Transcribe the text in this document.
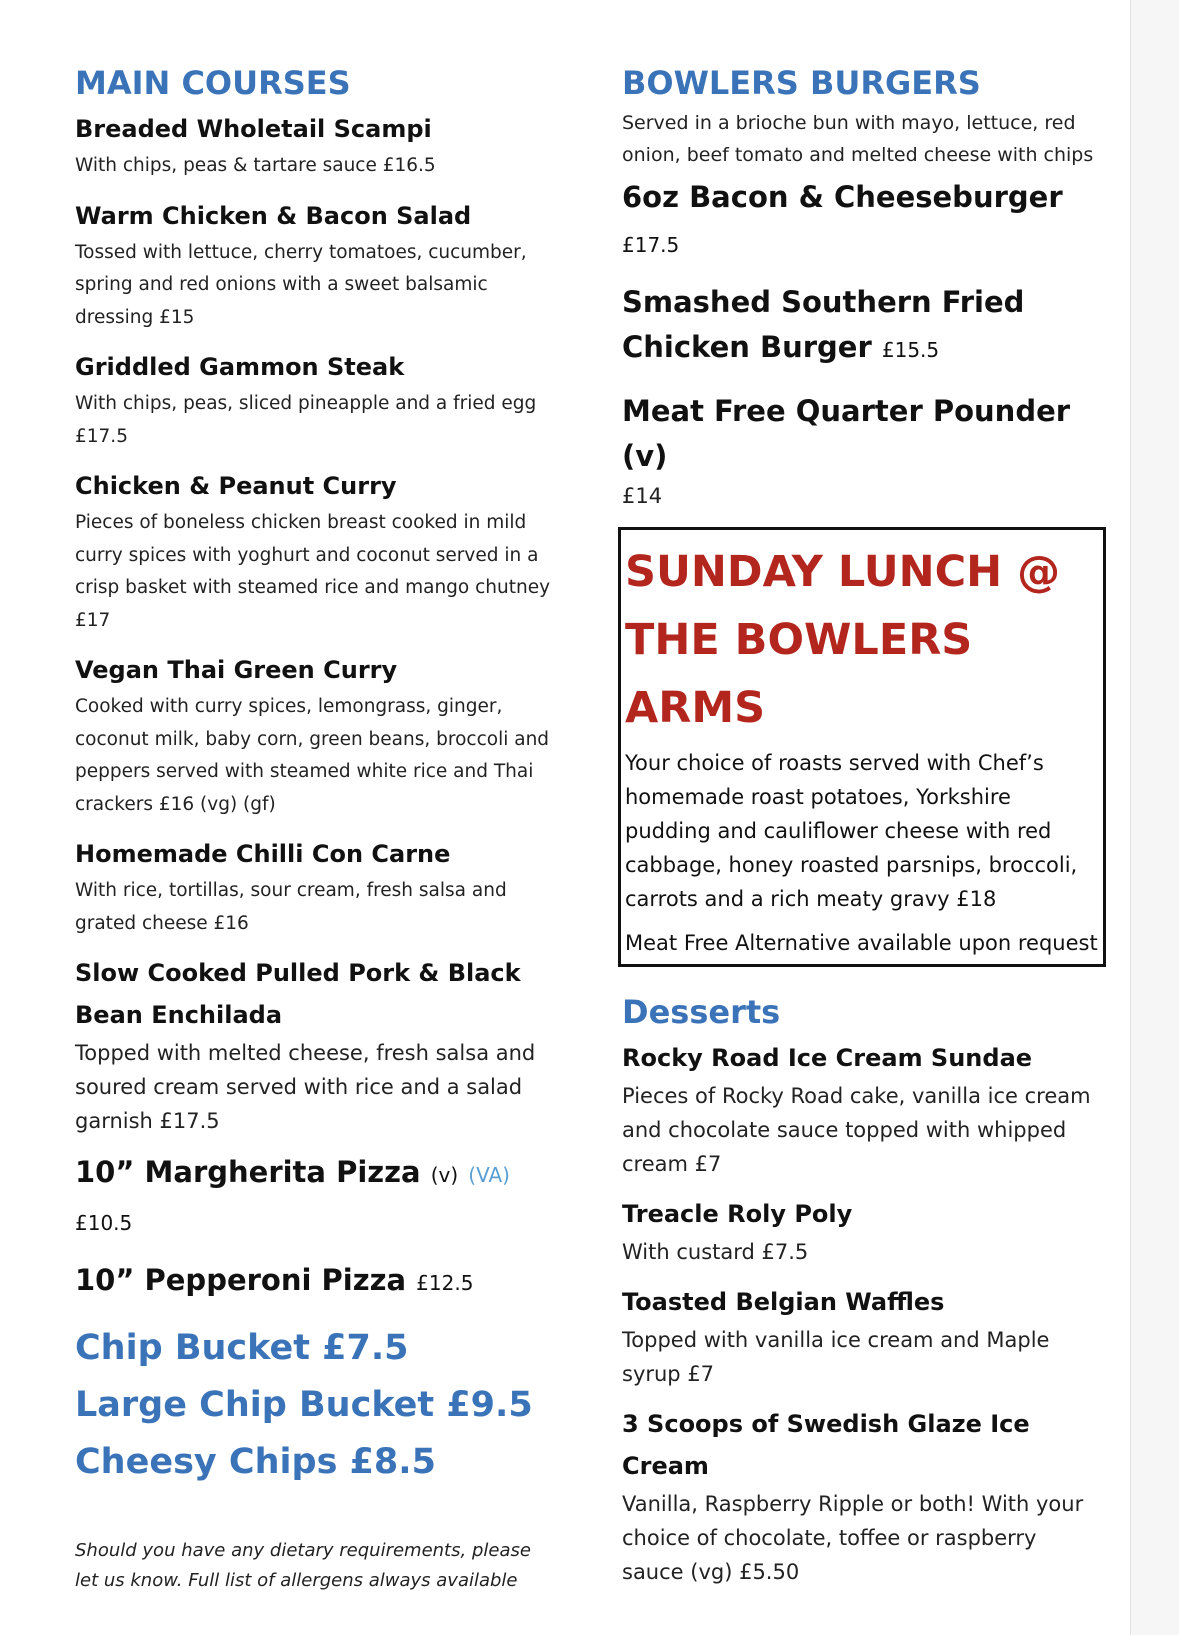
MAIN COURSES

Breaded Wholetail Scampi

With chips, peas & tartare sauce £16.5

Warm Chicken & Bacon Salad

Tossed with lettuce, cherry tomatoes, cucumber, spring and red onions with a sweet balsamic dressing £15

Griddled Gammon Steak

With chips, peas, sliced pineapple and a fried egg £17.5

Chicken & Peanut Curry

Pieces of boneless chicken breast cooked in mild curry spices with yoghurt and coconut served in a crisp basket with steamed rice and mango chutney £17

Vegan Thai Green Curry

Cooked with curry spices, lemongrass, ginger, coconut milk, baby corn, green beans, broccoli and peppers served with steamed white rice and Thai crackers £16 (vg) (gf)

Homemade Chilli Con Carne

With rice, tortillas, sour cream, fresh salsa and grated cheese £16

Slow Cooked Pulled Pork & Black Bean Enchilada

Topped with melted cheese, fresh salsa and soured cream served with rice and a salad garnish £17.5

10” Margherita Pizza (v) (VA) £10.5

10” Pepperoni Pizza £12.5

Chip Bucket £7.5

Large Chip Bucket £9.5

Cheesy Chips £8.5

Should you have any dietary requirements, please let us know. Full list of allergens always available

BOWLERS BURGERS

Served in a brioche bun with mayo, lettuce, red onion, beef tomato and melted cheese with chips

6oz Bacon & Cheeseburger £17.5

Smashed Southern Fried Chicken Burger £15.5

Meat Free Quarter Pounder (v)

£14

SUNDAY LUNCH @ THE BOWLERS ARMS

Your choice of roasts served with Chef’s homemade roast potatoes, Yorkshire pudding and cauliflower cheese with red cabbage, honey roasted parsnips, broccoli, carrots and a rich meaty gravy £18

Meat Free Alternative available upon request

Desserts

Rocky Road Ice Cream Sundae

Pieces of Rocky Road cake, vanilla ice cream and chocolate sauce topped with whipped cream £7

Treacle Roly Poly

With custard £7.5

Toasted Belgian Waffles

Topped with vanilla ice cream and Maple syrup £7

3 Scoops of Swedish Glaze Ice Cream

Vanilla, Raspberry Ripple or both! With your choice of chocolate, toffee or raspberry sauce (vg) £5.50
